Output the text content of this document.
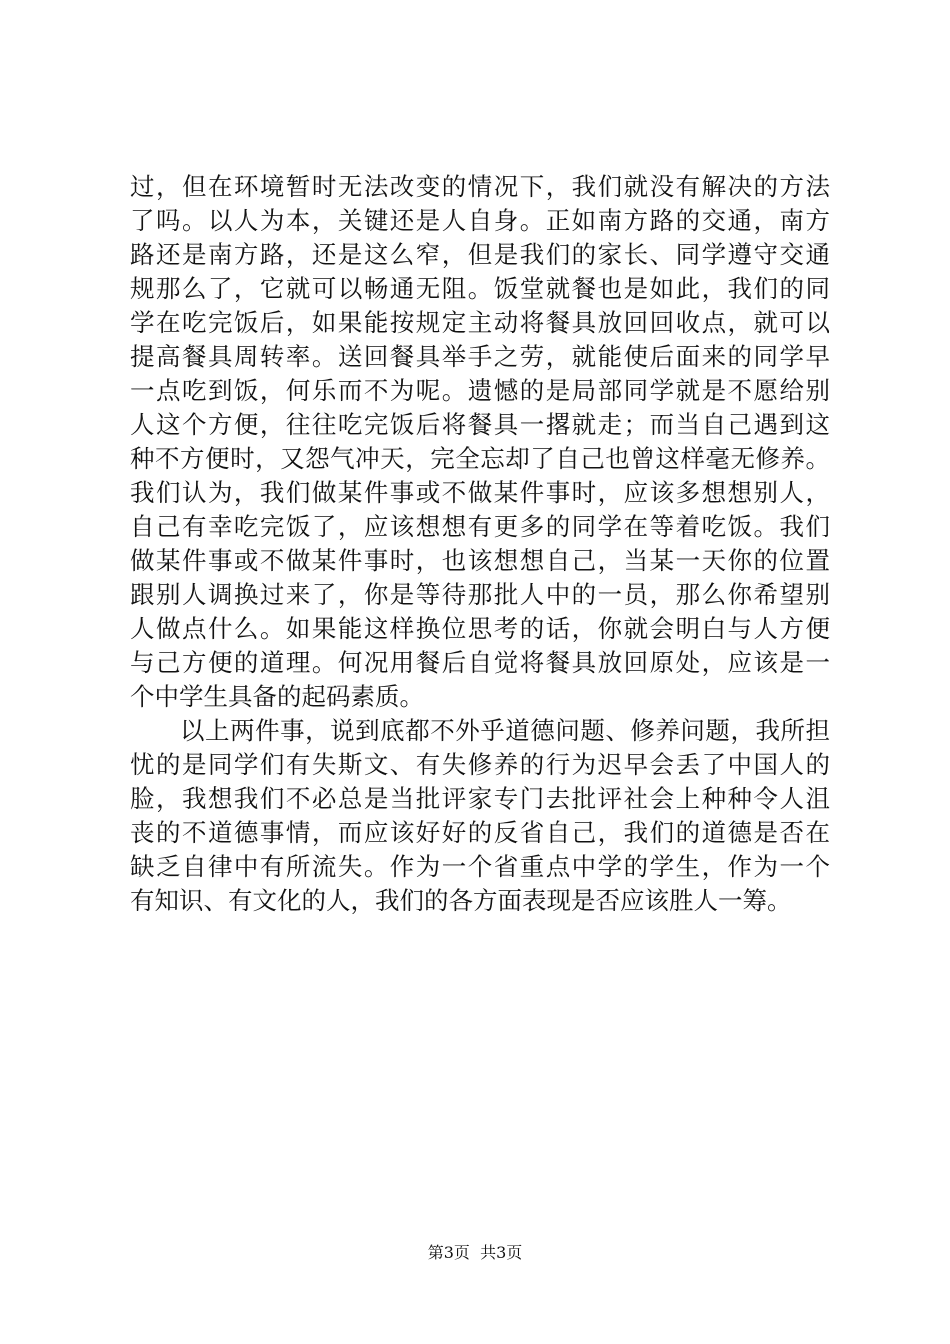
过，但在环境暂时无法改变的情况下，我们就没有解决的方法
了吗。以人为本，关键还是人自身。正如南方路的交通，南方
路还是南方路，还是这么窄，但是我们的家长、同学遵守交通
规那么了，它就可以畅通无阻。饭堂就餐也是如此，我们的同
学在吃完饭后，如果能按规定主动将餐具放回回收点，就可以
提高餐具周转率。送回餐具举手之劳，就能使后面来的同学早
一点吃到饭，何乐而不为呢。遗憾的是局部同学就是不愿给别
人这个方便，往往吃完饭后将餐具一撂就走；而当自己遇到这
种不方便时，又怨气冲天，完全忘却了自己也曾这样毫无修养。
我们认为，我们做某件事或不做某件事时，应该多想想别人，
自己有幸吃完饭了，应该想想有更多的同学在等着吃饭。我们
做某件事或不做某件事时，也该想想自己，当某一天你的位置
跟别人调换过来了，你是等待那批人中的一员，那么你希望别
人做点什么。如果能这样换位思考的话，你就会明白与人方便
与己方便的道理。何况用餐后自觉将餐具放回原处，应该是一
个中学生具备的起码素质。
　　以上两件事，说到底都不外乎道德问题、修养问题，我所担
忧的是同学们有失斯文、有失修养的行为迟早会丢了中国人的
脸，我想我们不必总是当批评家专门去批评社会上种种令人沮
丧的不道德事情，而应该好好的反省自己，我们的道德是否在
缺乏自律中有所流失。作为一个省重点中学的学生，作为一个
有知识、有文化的人，我们的各方面表现是否应该胜人一筹。
第3页  共3页
